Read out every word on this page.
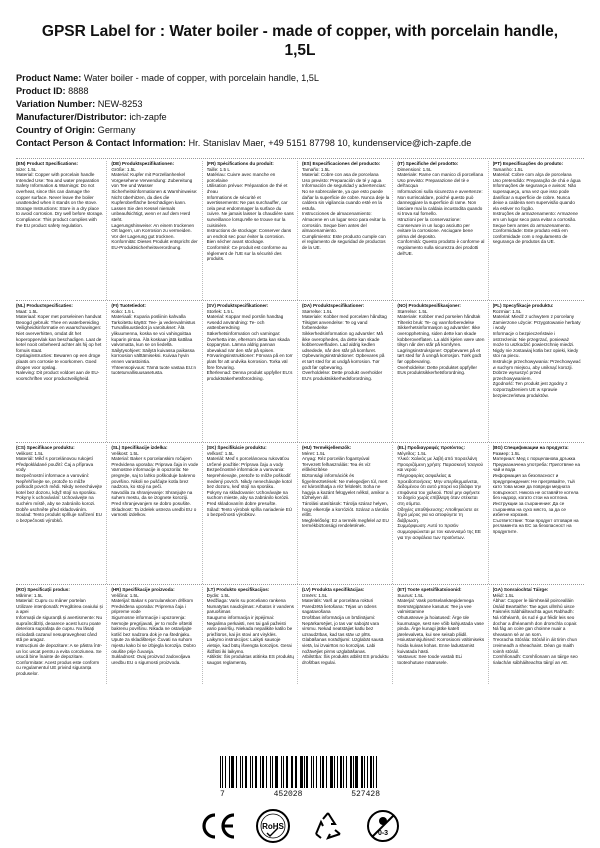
GPSR Label for : Water boiler - made of copper, with porcelain handle, 1,5L
Product Name: Water boiler - made of copper, with porcelain handle, 1,5L
Product ID: 8888
Variation Number: NEW-8253
Manufacturer/Distributor: ich-zapfe
Country of Origin: Germany
Contact Person & Contact Information: Hr. Stanislav Maer, +49 5151 87798 10, kundenservice@ich-zapfe.de
(EN) Product Specifications:
Size: 1.5L
Material: Copper with porcelain handle
Intended Use: Tea and water preparation
Safety Information & Warnings: Do not overheat, since this can damage the copper surface. Never leave the boiler unattended when it stands on the stove.
Storage Instructions: Store in a dry place to avoid corrosion. Dry well before storage.
Compliance: This product complies with the EU product safety regulation.
(DE) Produktspezifikationen:
Größe: 1.5L
Material: Kupfer mit Porzellanhenkel
Vorgesehene Verwendung: Zubereitung von Tee und Wasser
Sicherheitsinformationen & Warnhinweise: Nicht überhitzen, da dies die Kupferoberfläche beschädigen kann. Lassen Sie den Kessel niemals unbeaufsichtigt, wenn er auf dem Herd steht.
Lagerungshinweise: An einem trockenen Ort lagern, um Korrosion zu vermeiden. Vor der Lagerung gut trocknen.
Konformität: Dieses Produkt entspricht der EU-Produktsicherheitsverordnung.
(FR) Spécifications du produit:
Taille: 1.5 L
Matériau: Cuivre avec manche en porcelaine
Utilisation prévue: Préparation de thé et d'eau
Informations de sécurité et avertissements: Ne pas surchauffer, car cela peut endommager la surface du cuivre. Ne jamais laisser la chaudière sans surveillance lorsqu'elle se trouve sur la cuisinière.
Instructions de stockage: Conserver dans un endroit sec pour éviter la corrosion. Bien sécher avant stockage.
Conformité: Ce produit est conforme au règlement de l'UE sur la sécurité des produits.
(ES) Especificaciones del producto:
Tamaño: 1.5L
Material: Cobre con asa de porcelana
Uso previsto: Preparación de té y agua
Información de seguridad y advertencias: No se sobrecaliente, ya que esto puede dañar la superficie de cobre. Nunca deje la caldera sin vigilancia cuando esté en la estufa.
Instrucciones de almacenamiento: Almacene en un lugar seco para evitar la corrosión. Seque bien antes del almacenamiento.
Cumplimiento: Este producto cumple con el reglamento de seguridad de productos de la UE.
(IT) Specifiche del prodotto:
Dimensioni: 1.5L
Materiale: Rame con manico di porcellana
Uso previsto: Preparazione del tè e dell'acqua
Informazioni sulla sicurezza e avvertenze: Non surriscaldare, poiché questo può danneggiare la superficie di rame. Non lasciare mai la caldaia incustodita quando si trova sul fornello.
Istruzioni per la conservazione: Conservare in un luogo asciutto per evitare la corrosione. Asciugare bene prima del deposito.
Conformità: Questo prodotto è conforme al regolamento sulla sicurezza dei prodotti dell'UE.
(PT) Especificações do produto:
Tamanho: 1.5L
Material: Cobre com alça de porcelana
Uso pretendido: Preparação de chá e água
Informações de segurança e avisos: Não superaqueça, uma vez que isso pode danificar a superfície de cobre. Nunca deixe a caldeira sem supervisão quando ela estiver no fogão.
Instruções de armazenamento: Armazene em um lugar seco para evitar a corrosão. Seque bem antes do armazenamento.
Conformidade: Este produto está em conformidade com o regulamento de segurança de produtos da UE.
(NL) Productspecificaties:
Maat: 1.5L
Materiaal: Koper met porseleinen handvat
Beoogd gebruik: Thee en waterbereiding
Veiligheidsinformatie en waarschuwingen: Niet oververhitten, omdat dit het koperoppervlak kan beschadigen. Laat de ketel nooit onbeheerd achter als hij op het fornuis staat.
Opslaginstructies: Bewaren op een droge plaats om corrosie te voorkomen. Goed drogen voor opslag.
Naleving: Dit product voldoet aan de EU-voorschriften voor productveiligheid.
(FI) Tuotetiedot:
Koko: 1.5 L
Materiaali: Kuparia posliinin kahvalla
Tarkoitettu käyttö: Tee- ja vedenvalmistus
Turvallisuustiedot ja varoitukset: Älä ylikuumenna, koska se voi vahingoittaa kuparin pintaa. Älä koskaan jätä kattilaa valvomatta, kun se on liedellä.
Säilytysohjeet: Säilytä kuivassa paikassa korroosion välttämiseksi. Kuivaa hyvin ennen varastointia.
Yhteensopivuus: Tämä tuote vastaa EU:n tuoteturvallisuusasetusta.
(SV) Produktspecifikationer:
Storlek: 1.5 L
Material: Koppar med porslin handtag
Avsedd användning: Te- och vattenberedning
Säkerhetsinformation och varningar: Överhetta inte, eftersom detta kan skada kopparytan. Lämna aldrig pannan obevakad när den står på spisen.
Förvaringsinstruktioner: Förvara på en torr plats för att undvika korrosion. Torka väl före förvaring.
Efterlevnad: Denna produkt uppfyller EU:s produktsäkerhetsförordning.
(DA) Produktspecifikationer:
Størrelse: 1.5L
Materiale: Kobber med porcelæn håndtag
Tilsigtet anvendelse: Te og vand forberedelse
Sikkerhedsinformation og advarsler: Må ikke overophedes, da dette kan skade kobberoverfladen. Lad aldrig kedlen udsedede, når den står på komfuret.
Opbevaringsinstruktioner: Opbevares på et tørt sted for at undgå korrosion. Tør godt før opbevaring.
Overholdelse: Dette produkt overholder EU's produktsikkerhedsforordning.
(NO) Produktspesifikasjoner:
Størrelse: 1.5L
Materiale: Kobber med porselen håndtak
Tiltenkt bruk: Te- og vannforberedelse
Sikkerhetsinformasjon og advarsler: Ikke overopphetning, siden dette kan skade kobberoverflaten. La aldri kjelen være uten tilsyn når den står på komfyren.
Lagringsinstruksjoner: Oppbevares på et tørt sted for å unngå korrosjon. Tørk godt før oppbevaring.
Overholdelse: Dette produktet oppfyller EUs produktsikkerhetsforordning.
(PL) Specyfikacje produktu:
Rozmiar: 1.5L
Materiał: Miedź z uchwytem z porcelany
Zamierzone użycie: Przygotowanie herbaty i wody
Informacje o bezpieczeństwie i ostrzeżenia: Nie przegrzać, ponieważ może to uszkodzić powierzchnię miedzi. Nigdy nie zostawiaj kotła bez opieki, kiedy stoi na piecu.
Instrukcje przechowywania: Przechowywać w suchym miejscu, aby uniknąć korozji. Dobrze wysuszyć przed przechowywaniem.
Zgodność: Ten produkt jest zgodny z rozporządzeniem UE w sprawie bezpieczeństwa produktów.
(CS) Specifikace produktu:
Velikost: 1.5L
Materiál: Měď s porcelánovou rukojetí
Předpokládané použití: Čaj a příprava vody
Bezpečnostní informace a varování: Nepřehřívejte se, protože to může poškodit povrch mědi. Nikdy nenechávejte kotel bez dozoru, když stojí na sporáku.
Pokyny k uchovávání: Uchovávejte na suchém místě, aby se zabránilo korozi. Dobře uschněte před skladováním.
Soulad: Tento produkt splňuje nařízení EU o bezpečnosti výrobků.
(SL) Specifikacije izdelka:
Velikost: 1.5L
Material: Baker s porcelanskim ročajem
Predvidena uporaba: Priprava čaja in vode
Varnostne informacije in opozorila: Ne pregrejte, saj to lahko poškoduje bakreno površino. Nikoli ne puščajte kotla brez nadzora, ko stoji na peči.
Navodila za shranjevanje: Shranjujte na suhem mestu, da se izognete koroziji. Pred shranjevanjem se dobro posušite.
Skladnost: Ta izdelek ustreza uredbi EU o varnosti izdelkov.
(SK) Špecifikácie produktu:
Veľkosť: 1.5L
Materiál: Meď s porcelánovou rukoväťou
Určené použitie: Príprava čaju a vody
Bezpečnostné informácie a varovania: Neprehrievajte, pretože to môže poškodiť medený povrch. Nikdy nenechávajte kotol bez dozoru, keď stojí na sporáku.
Pokyny na skladovanie: Uchovávajte na suchom mieste, aby sa zabránilo korózii. Pred skladovaním dobre presušte.
Súlad: Tento výrobok spĺňa nariadenie EÚ o bezpečnosti výrobkov.
(HU) Termékjellemzők:
Méret: 1.5L
Anyag: Réz porcelán fogantyúval
Tervezett felhasználás: Tea és víz előkészítése
Biztonsági információk és figyelmeztetések: Ne melegedjen túl, mert ez károsíthatja a réz felületét. Soha ne hagyja a kazánt felügyelet nélkül, amikor a tűzhelyen áll.
Tárolási utasítások: Tárolja száraz helyen, hogy elkerülje a korróziót. Száraz a tárolás előtt.
Megfelelőség: Ez a termék megfelel az EU termékbiztonsági rendeletének.
(EL) Προδιαγραφές προϊόντος:
Μέγεθος: 1.5L
Υλικό: Χαλκός με λαβή από πορσελάνη
Προοριζόμενη χρήση: Παρασκευή τσαγιού και νερού
Πληροφορίες ασφαλείας & προειδοποιήσεις: Μην υπερθερμαίνεται, δεδομένου ότι αυτό μπορεί να βλάψει την επιφάνεια του χαλκού. Ποτέ μην αφήνετε το δοχείο χωρίς επίβλεψη όταν στέκεται στη σόμπα.
Οδηγίες αποθήκευσης: Αποθηκεύστε σε ξηρό μέρος για να αποφύγετε τη διάβρωση.
Συμμόρφωση: Αυτό το προϊόν συμμορφώνεται με τον κανονισμό της ΕΕ για την ασφάλεια των προϊόντων.
(BG) Спецификации на продукта:
Размер: 1.5L
Материал: Мед с порцеланова дръжка
Предназначена употреба: Приготвяне на чай и вода
Информация за безопасност и предупреждения: Не прегрявайте, тъй като това може да повреди медната повърхност. Никога не оставяйте котела без надзор, когато стои на котлона.
Инструкции за съхранение: Да се съхранява на сухо място, за да се избегне корозия.
Съответствие: Този продукт отговаря на регламента на ЕС за безопасност на продуктите.
(RO) Specificații produs:
Mărime: 1.5L
Material: Cupru cu mâner portelan
Utilizare intenționată: Pregătirea ceaiului și a apei
Informații de siguranță și avertismente: Nu supraîncălziți, deoarece acest lucru poate deteriora suprafața de cupru. Nu lăsați niciodată cazanul nesupravegheat când stă pe aragaz.
Instrucțiuni de depozitare: A se păstra într-un loc uscat pentru a evita coroziunea. Se usucă bine înainte de depozitare.
Conformitate: Acest produs este conform cu regulamentul UE privind siguranța produselor.
(HR) Specifikacije proizvoda:
Veličina: 1.5L
Materijal: Bakar s porculanskom drškom
Predviđena uporaba: Priprema čaja i pripreme vode
Sigurnosne informacije i upozorenja: Nemojte pregrijavati, jer to može oštetiti bakrenu površinu. Nikada ne ostavljajte kotlić bez nadzora dok je na štednjaku.
Upute za skladištenje: Čuvati na suhom mjestu kako bi se izbjegla korozija. Dobro osušite prije čuvanja.
Sukladnost: Ovaj proizvod zadovoljava uredbu EU o sigurnosti proizvoda.
(LT) Produkto specifikacijos:
Dydis: 1.5L
Medžiaga: Varis su porceliano rankena
Numatytas naudojimas: Arbatos ir vandens paruošimas
Saugumo informacija ir įspėjimai: Negalima perkaisti, nes tai gali pažeisti vario paviršių. Niekada nepalikite katilo be priežiūros, kai jis stovi ant viryklės.
Laikymo instrukcijos: Laikyti sausoje vietoje, kad būtų išvengta korozijos. Gerai išdžiūti iki laikymo.
Atitiktis: Šis produktas atitinka ES produktų saugos reglamentą.
(LV) Produkta specifikācijas:
Izmērs: 1.5L
Materiāls: Varš ar porcelāna rokturi
Paredzētā lietošana: Tējas un ūdens sagatavošana
Drošības informācija un brīdinājumi: Nepārkarsējiet, jo tas var sabojāt vara virsmu. Nekad neatstājiet katlu bez uzraudzības, kad tas stāv uz plīts.
Glabāšanas norādījumi: Uzglabāt sausā vietā, lai izvairītos no korozijas. Labi nožāvējiet pirms uzglabāšanas.
Atbilstība: Šis produkts atbilst ES produktu drošības regulai.
(ET) Toote spetsifikatsioonid:
Suurus: 1.5L
Materjal: Vask portselankäepidemega
Eesmärgipärane kasutus: Tee ja vee valmistamine
Ohutusteave ja hoiatused: Ärge üle kuumutage, sest see võib kahjustada vase pinda. Ärge kunagi jätke katelt järelevalveta, kui see seisab pliidil.
Hoiustamisjuhised: Korrosiooni vältimiseks hoida kuivas kohas. Enne ladustamist kuivatada hästi.
Vastavus: See toode vastab ELi tooteohutuse määrusele.
(GA) Sonraíochtaí Táirge:
Méid: 1.5L
Ábhar: Copper le láimhseáil poircealláin
Úsáid Beartaithe: Tae agus ullmhú uisce
Faisnéis Sábháilteachta agus Rabhadh: Ná róthéamh, ós rud é gur féidir leis seo dochar a dhéanamh don dromchla copair. Ná fág an coire gan choinne nuair a sheasann sé ar an sorn.
Treoracha Stórála: Stóráil in áit tirim chun creimeadh a sheachaint. Déan go maith roimh stóráil.
Comhlíonadh: Comhlíonann an táirge seo rialachán sábháilteachta táirgí an AE.
7	452028	527428
RoHS
0-3
